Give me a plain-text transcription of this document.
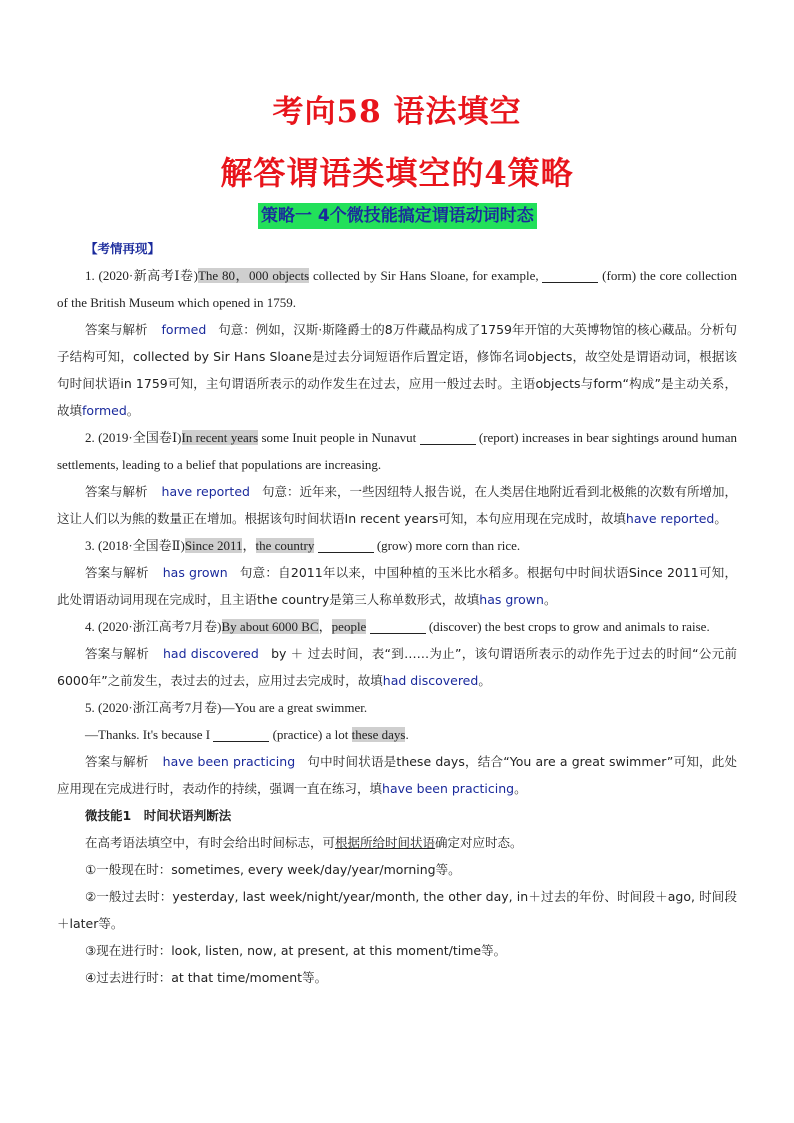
考向58 语法填空
解答谓语类填空的4策略
策略一 4个微技能搞定谓语动词时态

【考情再现】

1. (2020·新高考Ⅰ卷)The 80，000 objects collected by Sir Hans Sloane, for example,	(form) the core collection of the British Museum which opened in 1759.

答案与解析 formed 句意：例如，汉斯·斯隆爵士的8万件藏品构成了1759年开馆的大英博物馆的核心藏品。分析句子结构可知，collected by Sir Hans Sloane是过去分词短语作后置定语，修饰名词objects，故空处是谓语动词，根据该句时间状语in 1759可知，主句谓语所表示的动作发生在过去，应用一般过去时。主语objects与form“构成”是主动关系，故填formed。

2. (2019·全国卷Ⅰ)In recent years some Inuit people in Nunavut	(report) increases in bear sightings around human settlements, leading to a belief that populations are increasing.

答案与解析 have reported 句意：近年来，一些因纽特人报告说，在人类居住地附近看到北极熊的次数有所增加，这让人们以为熊的数量正在增加。根据该句时间状语In recent years可知，本句应用现在完成时，故填have reported。

3. (2018·全国卷Ⅱ)Since 2011，the country	(grow) more corn than rice.

答案与解析 has grown 句意：自2011年以来，中国种植的玉米比水稻多。根据句中时间状语Since 2011可知，此处谓语动词用现在完成时，且主语the country是第三人称单数形式，故填has grown。

4. (2020·浙江高考7月卷)By about 6000 BC，people	(discover) the best crops to grow and animals to raise.

答案与解析 had discovered by ＋ 过去时间，表“到……为止”，该句谓语所表示的动作先于过去的时间“公元前6000年”之前发生，表过去的过去，应用过去完成时，故填had discovered。

5. (2020·浙江高考7月卷)—You are a great swimmer.

—Thanks. It's because I	(practice) a lot these days.

答案与解析 have been practicing 句中时间状语是these days，结合“You are a great swimmer”可知，此处应用现在完成进行时，表动作的持续，强调一直在练习，填have been practicing。

微技能1　时间状语判断法

在高考语法填空中，有时会给出时间标志，可根据所给时间状语确定对应时态。

①一般现在时：sometimes, every week/day/year/morning等。

②一般过去时：yesterday, last week/night/year/month, the other day, in＋过去的年份、时间段＋ago, 时间段＋later等。

③现在进行时：look, listen, now, at present, at this moment/time等。

④过去进行时：at that time/moment等。
